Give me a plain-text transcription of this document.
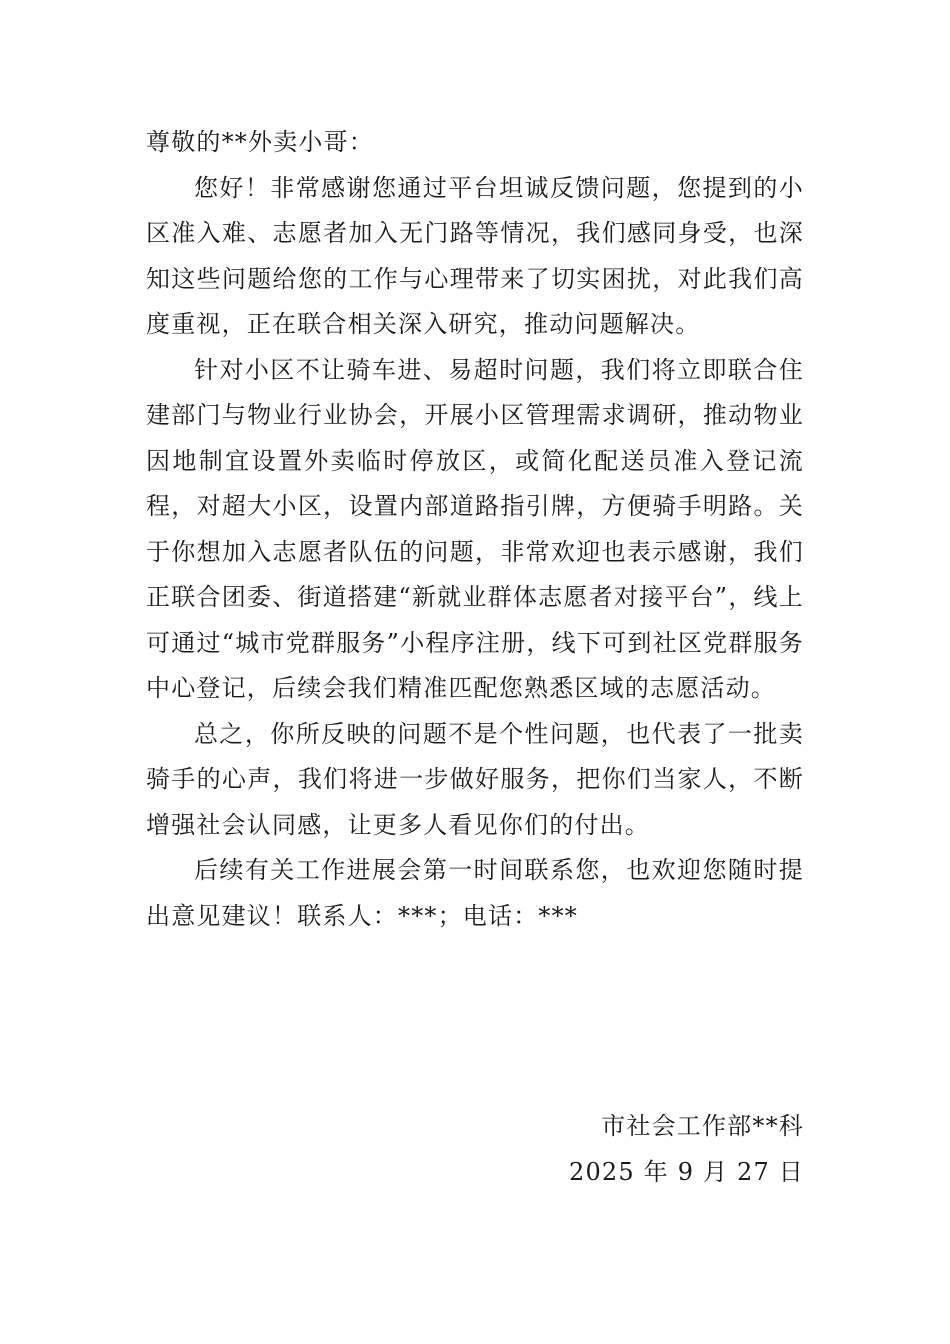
尊敬的**外卖小哥：

您好！非常感谢您通过平台坦诚反馈问题，您提到的小区准入难、志愿者加入无门路等情况，我们感同身受，也深知这些问题给您的工作与心理带来了切实困扰，对此我们高度重视，正在联合相关深入研究，推动问题解决。

针对小区不让骑车进、易超时问题，我们将立即联合住建部门与物业行业协会，开展小区管理需求调研，推动物业因地制宜设置外卖临时停放区，或简化配送员准入登记流程，对超大小区，设置内部道路指引牌，方便骑手明路。关于你想加入志愿者队伍的问题，非常欢迎也表示感谢，我们正联合团委、街道搭建“新就业群体志愿者对接平台”，线上可通过“城市党群服务”小程序注册，线下可到社区党群服务中心登记，后续会我们精准匹配您熟悉区域的志愿活动。

总之，你所反映的问题不是个性问题，也代表了一批卖骑手的心声，我们将进一步做好服务，把你们当家人，不断增强社会认同感，让更多人看见你们的付出。

后续有关工作进展会第一时间联系您，也欢迎您随时提出意见建议！联系人：***；电话：***

市社会工作部**科
2025 年 9 月 27 日
